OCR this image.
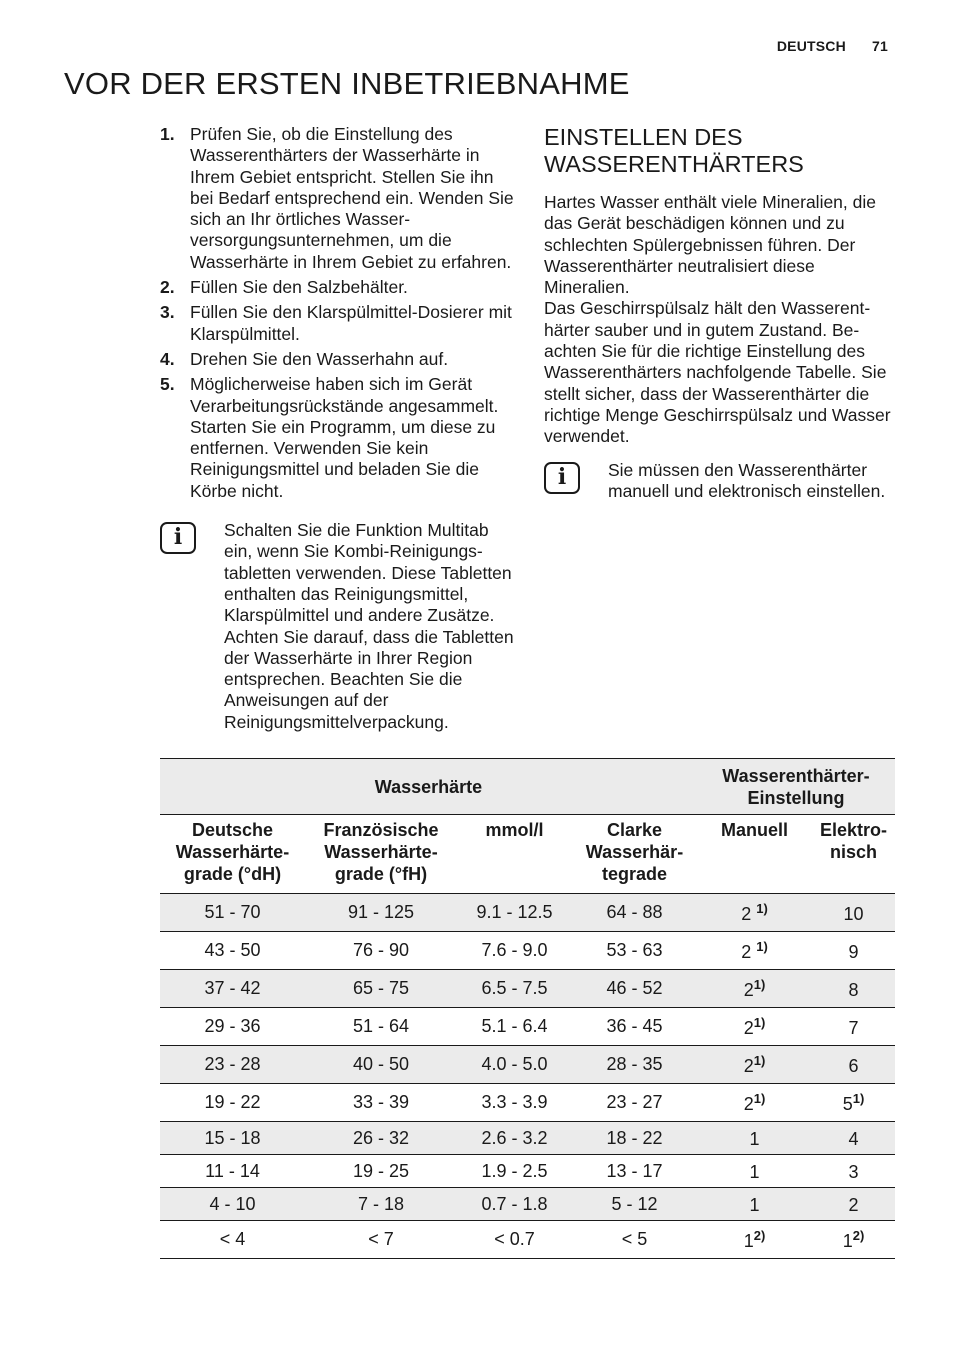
DEUTSCH 71
VOR DER ERSTEN INBETRIEBNAHME
1. Prüfen Sie, ob die Einstellung des Wasserenthärters der Wasserhärte in Ihrem Gebiet entspricht. Stellen Sie ihn bei Bedarf entsprechend ein. Wenden Sie sich an Ihr örtliches Wasserversorgungsunternehmen, um die Wasserhärte in Ihrem Gebiet zu erfahren.
2. Füllen Sie den Salzbehälter.
3. Füllen Sie den Klarspülmittel-Dosierer mit Klarspülmittel.
4. Drehen Sie den Wasserhahn auf.
5. Möglicherweise haben sich im Gerät Verarbeitungsrückstände angesammelt. Starten Sie ein Programm, um diese zu entfernen. Verwenden Sie kein Reinigungsmittel und beladen Sie die Körbe nicht.
i	Schalten Sie die Funktion Multitab ein, wenn Sie Kombi-Reinigungstabletten verwenden. Diese Tabletten enthalten das Reinigungsmittel, Klarspülmittel und andere Zusätze. Achten Sie darauf, dass die Tabletten der Wasserhärte in Ihrer Region entsprechen. Beachten Sie die Anweisungen auf der Reinigungsmittelverpackung.
EINSTELLEN DES WASSERENTHÄRTERS

Hartes Wasser enthält viele Mineralien, die das Gerät beschädigen können und zu schlechten Spülergebnissen führen. Der Wasserenthärter neutralisiert diese Mineralien.

Das Geschirrspülsalz hält den Wasserenthärter sauber und in gutem Zustand. Beachten Sie für die richtige Einstellung des Wasserenthärters nachfolgende Tabelle. Sie stellt sicher, dass der Wasserenthärter die richtige Menge Geschirrspülsalz und Wasser verwendet.

i	Sie müssen den Wasserenthärter manuell und elektronisch einstellen.
Wasserhärte				Wasserenthärter-Einstellung	
Deutsche Wasserhärtegrade (°dH)	Französische Wasserhärtegrade (°fH)	mmol/l	Clarke Wasserhärtegrade	Manuell	Elektronisch
51 - 70	91 - 125	9.1 - 12.5	64 - 88	2 $^{1)}$	10
43 - 50	76 - 90	7.6 - 9.0	53 - 63	2 $^{1)}$	9
37 - 42	65 - 75	6.5 - 7.5	46 - 52	2$^{1)}$	8
29 - 36	51 - 64	5.1 - 6.4	36 - 45	2$^{1)}$	7
23 - 28	40 - 50	4.0 - 5.0	28 - 35	2$^{1)}$	6
19 - 22	33 - 39	3.3 - 3.9	23 - 27	2$^{1)}$	5$^{1)}$
15 - 18	26 - 32	2.6 - 3.2	18 - 22	1	4
11 - 14	19 - 25	1.9 - 2.5	13 - 17	1	3
4 - 10	7 - 18	0.7 - 1.8	5 - 12	1	2
< 4	< 7	< 0.7	< 5	1$^{2)}$	1$^{2)}$
